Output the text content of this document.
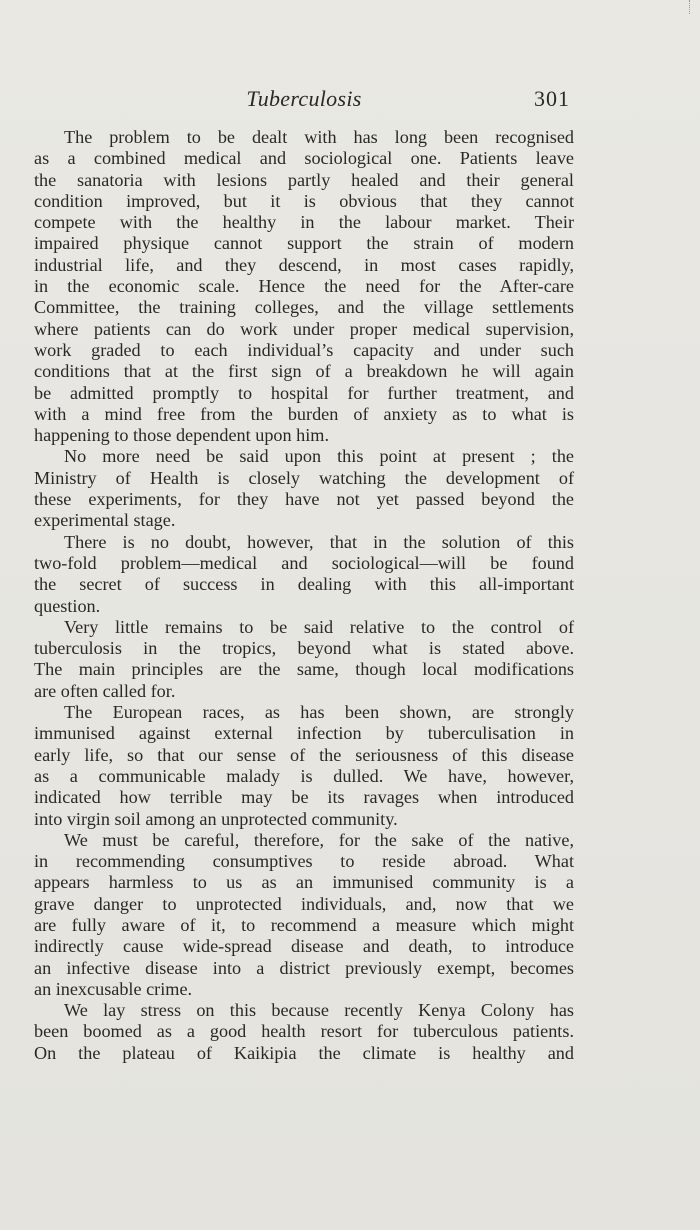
Tuberculosis	301

The problem to be dealt with has long been recognised
as a combined medical and sociological one. Patients leave
the sanatoria with lesions partly healed and their general
condition improved, but it is obvious that they cannot
compete with the healthy in the labour market. Their
impaired physique cannot support the strain of modern
industrial life, and they descend, in most cases rapidly,
in the economic scale. Hence the need for the After-care
Committee, the training colleges, and the village settlements
where patients can do work under proper medical supervision,
work graded to each individual’s capacity and under such
conditions that at the first sign of a breakdown he will again
be admitted promptly to hospital for further treatment, and
with a mind free from the burden of anxiety as to what is
happening to those dependent upon him.

No more need be said upon this point at present ; the
Ministry of Health is closely watching the development of
these experiments, for they have not yet passed beyond the
experimental stage.

There is no doubt, however, that in the solution of this
two-fold problem—medical and sociological—will be found
the secret of success in dealing with this all-important
question.

Very little remains to be said relative to the control of
tuberculosis in the tropics, beyond what is stated above.
The main principles are the same, though local modifications
are often called for.

The European races, as has been shown, are strongly
immunised against external infection by tuberculisation in
early life, so that our sense of the seriousness of this disease
as a communicable malady is dulled. We have, however,
indicated how terrible may be its ravages when introduced
into virgin soil among an unprotected community.

We must be careful, therefore, for the sake of the native,
in recommending consumptives to reside abroad. What
appears harmless to us as an immunised community is a
grave danger to unprotected individuals, and, now that we
are fully aware of it, to recommend a measure which might
indirectly cause wide-spread disease and death, to introduce
an infective disease into a district previously exempt, becomes
an inexcusable crime.

We lay stress on this because recently Kenya Colony has
been boomed as a good health resort for tuberculous patients.
On the plateau of Kaikipia the climate is healthy and
